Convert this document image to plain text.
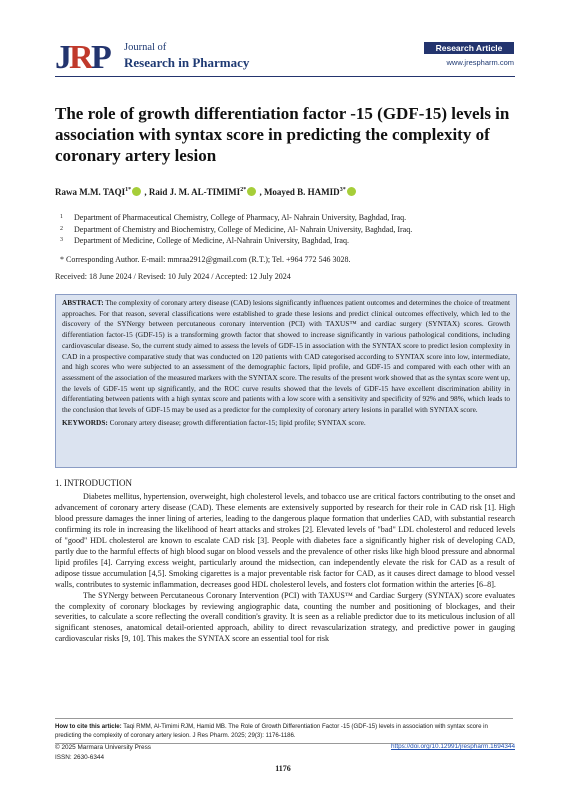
J
R
P Journal of
Research in Pharmacy
Research Article
www.jrespharm.com
The role of growth differentiation factor -15 (GDF-15) levels in association with syntax score in predicting the complexity of coronary artery lesion
Rawa M.M. $TAQI^{1*}$ , Raid J. M. $AL-TIMIMI^{2*}$ , Moayed B. $HAMID^{3*}$
1 Department of Pharmaceutical Chemistry, College of Pharmacy, Al- Nahrain University, Baghdad, Iraq.
2 Department of Chemistry and Biochemistry, College of Medicine, Al- Nahrain University, Baghdad, Iraq.
3 Department of Medicine, College of Medicine, Al-Nahrain University, Baghdad, Iraq.
* Corresponding Author. E-mail: mmraa2912@gmail.com (R.T.); Tel. +964 772 546 3028.
Received: 18 June 2024 / Revised: 10 July 2024 / Accepted: 12 July 2024
ABSTRACT: The complexity of coronary artery disease (CAD) lesions significantly influences patient outcomes and determines the choice of treatment approaches. For that reason, several classifications were established to grade these lesions and predict clinical outcomes effectively, which led to the discovery of the SYNergy between percutaneous coronary intervention (PCI) with TAXUS™ and cardiac surgery (SYNTAX) scores. Growth differentiation factor-15 (GDF-15) is a transforming growth factor that showed to increase significantly in various pathological conditions, including cardiovascular disease. So, the current study aimed to assess the levels of GDF-15 in association with the SYNTAX score to predict lesion complexity in CAD in a prospective comparative study that was conducted on 120 patients with CAD categorised according to SYNTAX score into low, intermediate, and high scores who were subjected to an assessment of the demographic factors, lipid profile, and GDF-15 and compared with each other with an assessment of the association of the measured markers with the SYNTAX score. The results of the present work showed that as the syntax score went up, the levels of GDF-15 went up significantly, and the ROC curve results showed that the levels of GDF-15 have excellent discrimination ability in differentiating between patients with a high syntax score and patients with a low score with a sensitivity and specificity of 92% and 98%, which leads to the conclusion that levels of GDF-15 may be used as a predictor for the complexity of coronary artery lesions in parallel with SYNTAX score.
KEYWORDS: Coronary artery disease; growth differentiation factor-15; lipid profile; SYNTAX score.
1. INTRODUCTION

Diabetes mellitus, hypertension, overweight, high cholesterol levels, and tobacco use are critical factors contributing to the onset and advancement of coronary artery disease (CAD). These elements are extensively supported by research for their role in CAD risk [1]. High blood pressure damages the inner lining of arteries, leading to the dangerous plaque formation that underlies CAD, with substantial research confirming its role in increasing the likelihood of heart attacks and strokes [2]. Elevated levels of "bad" LDL cholesterol and reduced levels of "good" HDL cholesterol are known to escalate CAD risk [3]. People with diabetes face a significantly higher risk of developing CAD, partly due to the harmful effects of high blood sugar on blood vessels and the prevalence of other risks like high blood pressure and abnormal lipid profiles [4]. Carrying excess weight, particularly around the midsection, can independently elevate the risk for CAD as a result of adipose tissue accumulation [4,5]. Smoking cigarettes is a major preventable risk factor for CAD, as it causes direct damage to blood vessel walls, contributes to systemic inflammation, decreases good HDL cholesterol levels, and fosters clot formation within the arteries [6–8].

The SYNergy between Percutaneous Coronary Intervention (PCI) with TAXUS™ and Cardiac Surgery (SYNTAX) score evaluates the complexity of coronary blockages by reviewing angiographic data, counting the number and positioning of blockages, and their severities, to calculate a score reflecting the overall condition's gravity. It is seen as a reliable predictor due to its meticulous inclusion of all significant stenoses, anatomical detail-oriented approach, ability to direct revascularization strategy, and predictive power in gauging cardiovascular risks [9, 10]. This makes the SYNTAX score an essential tool for risk

How to cite this article: Taqi RMM, Al-Timimi RJM, Hamid MB. The Role of Growth Differentiation Factor -15 (GDF-15) levels in association with syntax score in predicting the complexity of coronary artery lesion. J Res Pharm. 2025; 29(3): 1176-1186.
© 2025 Marmara University Press
ISSN: 2630-6344
https://doi.org/10.12991/jrespharm.1694344
1176
